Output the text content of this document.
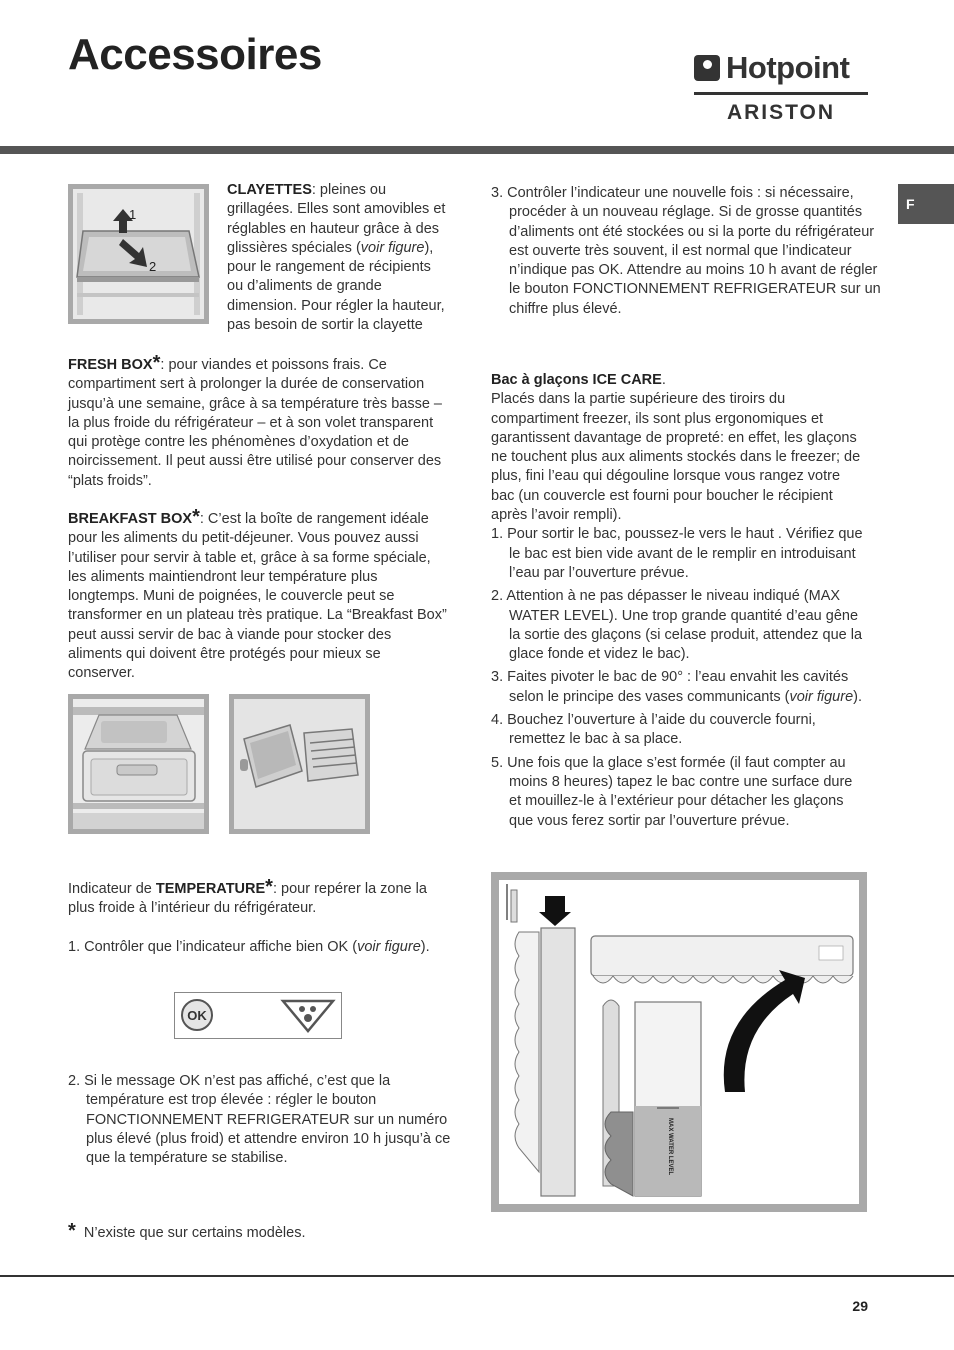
Accessoires	Hotpoint
ARISTON
F
1
2
CLAYETTES: pleines ou grillagées. Elles sont amovibles et réglables en hauteur grâce à des glissières spéciales (voir figure), pour le rangement de récipients ou d’aliments de grande dimension. Pour régler la hauteur, pas besoin de sortir la clayette
FRESH BOX*: pour viandes et poissons frais. Ce compartiment sert à prolonger la durée de conservation jusqu’à une semaine, grâce à sa température très basse – la plus froide du réfrigérateur – et à son volet transparent qui protège contre les phénomènes d’oxydation et de noircissement. Il peut aussi être utilisé pour conserver des “plats froids”.
BREAKFAST BOX*: C’est la boîte de rangement idéale pour les aliments du petit-déjeuner. Vous pouvez aussi l’utiliser pour servir à table et, grâce à sa forme spéciale, les aliments maintiendront leur température plus longtemps. Muni de poignées, le couvercle peut se transformer en un plateau très pratique. La “Breakfast Box” peut aussi servir de bac à viande pour stocker des aliments qui doivent être protégés pour mieux se conserver.
Indicateur de TEMPERATURE*: pour repérer la zone la plus froide à l’intérieur du réfrigérateur.
1. Contrôler que l’indicateur affiche bien OK (voir figure).
OK
2. Si le message OK n’est pas affiché, c’est que la température est trop élevée : régler le bouton FONCTIONNEMENT REFRIGERATEUR sur un numéro plus élevé (plus froid) et attendre environ 10 h jusqu’à ce que la température se stabilise.
* N’existe que sur certains modèles.
3. Contrôler l’indicateur une nouvelle fois : si nécessaire, procéder à un nouveau réglage. Si de grosse quantités d’aliments ont été stockées ou si la porte du réfrigérateur est ouverte très souvent, il est normal que l’indicateur n’indique pas OK. Attendre au moins 10 h avant de régler le bouton FONCTIONNEMENT REFRIGERATEUR sur un chiffre plus élevé.
Bac à glaçons ICE CARE.
Placés dans la partie supérieure des tiroirs du compartiment freezer, ils sont plus ergonomiques et garantissent davantage de propreté: en effet, les glaçons ne touchent plus aux aliments stockés dans le freezer; de plus, fini l’eau qui dégouline lorsque vous rangez votre bac (un couvercle est fourni pour boucher le récipient après l’avoir rempli).
1. Pour sortir le bac, poussez-le vers le haut . Vérifiez que le bac est bien vide avant de le remplir en introduisant l’eau par l’ouverture prévue.
2. Attention à ne pas dépasser le niveau indiqué (MAX WATER LEVEL). Une trop grande quantité d’eau gêne la sortie des glaçons (si celase produit, attendez que la glace fonde et videz le bac).
3. Faites pivoter le bac de 90° : l’eau envahit les cavités selon le principe des vases communicants (voir figure).
4. Bouchez l’ouverture à l’aide du couvercle fourni, remettez le bac à sa place.
5. Une fois que la glace s’est formée (il faut compter au moins 8 heures) tapez le bac contre une surface dure et mouillez-le à l’extérieur pour détacher les glaçons que vous ferez sortir par l’ouverture prévue.
MAX WATER LEVEL
29
